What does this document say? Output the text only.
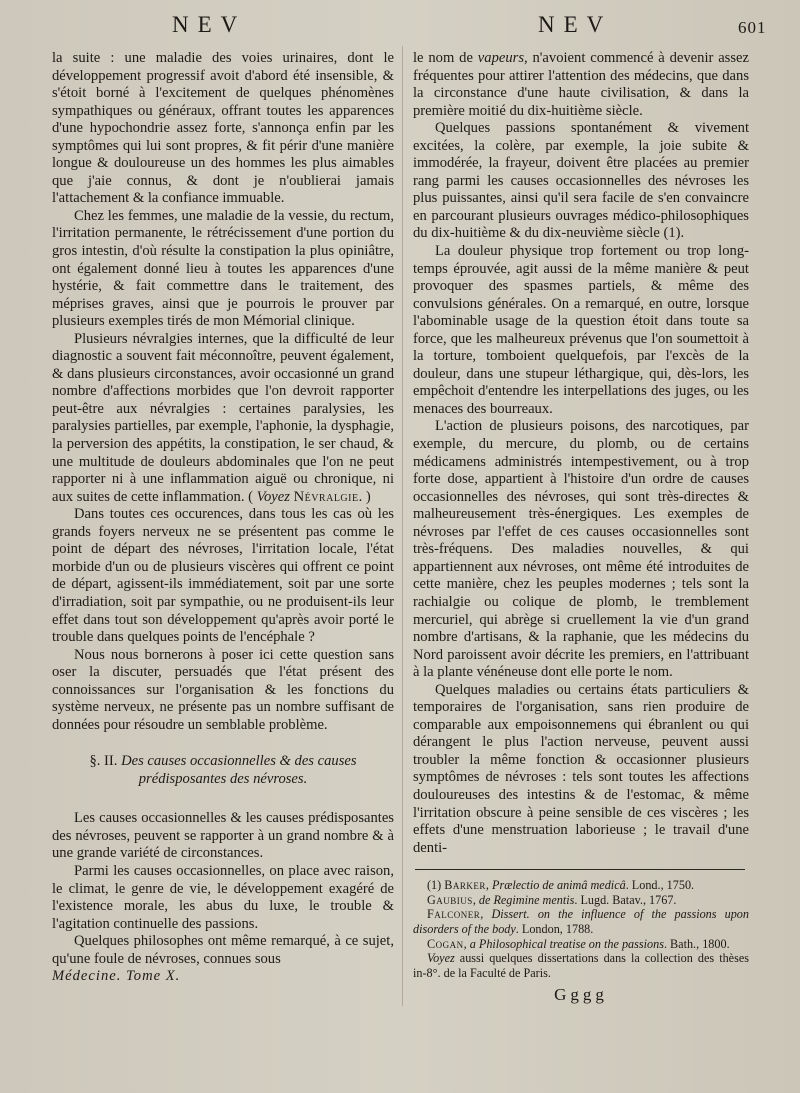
NEV	NEV	601

la suite : une maladie des voies urinaires, dont le développement progressif avoit d'abord été insensible, & s'étoit borné à l'excitement de quelques phénomènes sympathiques ou généraux, offrant toutes les apparences d'une hypochondrie assez forte, s'annonça enfin par les symptômes qui lui sont propres, & fit périr d'une manière longue & douloureuse un des hommes les plus aimables que j'aie connus, & dont je n'oublierai jamais l'attachement & la confiance immuable.

Chez les femmes, une maladie de la vessie, du rectum, l'irritation permanente, le rétrécissement d'une portion du gros intestin, d'où résulte la constipation la plus opiniâtre, ont également donné lieu à toutes les apparences d'une hystérie, & fait commettre dans le traitement, des méprises graves, ainsi que je pourrois le prouver par plusieurs exemples tirés de mon Mémorial clinique.

Plusieurs névralgies internes, que la difficulté de leur diagnostic a souvent fait méconnoître, peuvent également, & dans plusieurs circonstances, avoir occasionné un grand nombre d'affections morbides que l'on devroit rapporter peut-être aux névralgies : certaines paralysies, les paralysies partielles, par exemple, l'aphonie, la dysphagie, la perversion des appétits, la constipation, le ser chaud, & une multitude de douleurs abdominales que l'on ne peut rapporter ni à une inflammation aiguë ou chronique, ni aux suites de cette inflammation. ( Voyez Névralgie. )

Dans toutes ces occurences, dans tous les cas où les grands foyers nerveux ne se présentent pas comme le point de départ des névroses, l'irritation locale, l'état morbide d'un ou de plusieurs viscères qui offrent ce point de départ, agissent-ils immédiatement, soit par une sorte d'irradiation, soit par sympathie, ou ne produisent-ils leur effet dans tout son développement qu'après avoir porté le trouble dans quelques points de l'encéphale ?

Nous nous bornerons à poser ici cette question sans oser la discuter, persuadés que l'état présent des connoissances sur l'organisation & les fonctions du système nerveux, ne présente pas un nombre suffisant de données pour résoudre un semblable problème.

§. II. Des causes occasionnelles & des causes
prédisposantes des névroses.

Les causes occasionnelles & les causes prédisposantes des névroses, peuvent se rapporter à un grand nombre & à une grande variété de circonstances.

Parmi les causes occasionnelles, on place avec raison, le climat, le genre de vie, le développement exagéré de l'existence morale, les abus du luxe, le trouble & l'agitation continuelle des passions.

Quelques philosophes ont même remarqué, à ce sujet, qu'une foule de névroses, connues sous

Médecine. Tome X.

le nom de vapeurs, n'avoient commencé à devenir assez fréquentes pour attirer l'attention des médecins, que dans la circonstance d'une haute civilisation, & dans la première moitié du dix-huitième siècle.

Quelques passions spontanément & vivement excitées, la colère, par exemple, la joie subite & immodérée, la frayeur, doivent être placées au premier rang parmi les causes occasionnelles des névroses les plus puissantes, ainsi qu'il sera facile de s'en convaincre en parcourant plusieurs ouvrages médico-philosophiques du dix-huitième & du dix-neuvième siècle (1).

La douleur physique trop fortement ou trop long-temps éprouvée, agit aussi de la même manière & peut provoquer des spasmes partiels, & même des convulsions générales. On a remarqué, en outre, lorsque l'abominable usage de la question étoit dans toute sa force, que les malheureux prévenus que l'on soumettoit à la torture, tomboient quelquefois, par l'excès de la douleur, dans une stupeur léthargique, qui, dès-lors, les empêchoit d'entendre les interpellations des juges, ou les menaces des bourreaux.

L'action de plusieurs poisons, des narcotiques, par exemple, du mercure, du plomb, ou de certains médicamens administrés intempestivement, ou à trop forte dose, appartient à l'histoire d'un ordre de causes occasionnelles des névroses, qui sont très-directes & malheureusement très-énergiques. Les exemples de névroses par l'effet de ces causes occasionnelles sont très-fréquens. Des maladies nouvelles, & qui appartiennent aux névroses, ont même été introduites de cette manière, chez les peuples modernes ; tels sont la rachialgie ou colique de plomb, le tremblement mercuriel, qui abrège si cruellement la vie d'un grand nombre d'artisans, & la raphanie, que les médecins du Nord paroissent avoir décrite les premiers, en l'attribuant à la plante vénéneuse dont elle porte le nom.

Quelques maladies ou certains états particuliers & temporaires de l'organisation, sans rien produire de comparable aux empoisonnemens qui ébranlent ou qui dérangent le plus l'action nerveuse, peuvent aussi troubler la même fonction & occasionner plusieurs symptômes de névroses : tels sont toutes les affections douloureuses des intestins & de l'estomac, & même l'irritation obscure à peine sensible de ces viscères ; les effets d'une menstruation laborieuse ; le travail d'une denti-

(1) Barker, Prælectio de animâ medicâ. Lond., 1750.

Gaubius, de Regimine mentis. Lugd. Batav., 1767.

Falconer, Dissert. on the influence of the passions upon disorders of the body. London, 1788.

Cogan, a Philosophical treatise on the passions. Bath., 1800.

Voyez aussi quelques dissertations dans la collection des thèses in-8°. de la Faculté de Paris.

Gggg
